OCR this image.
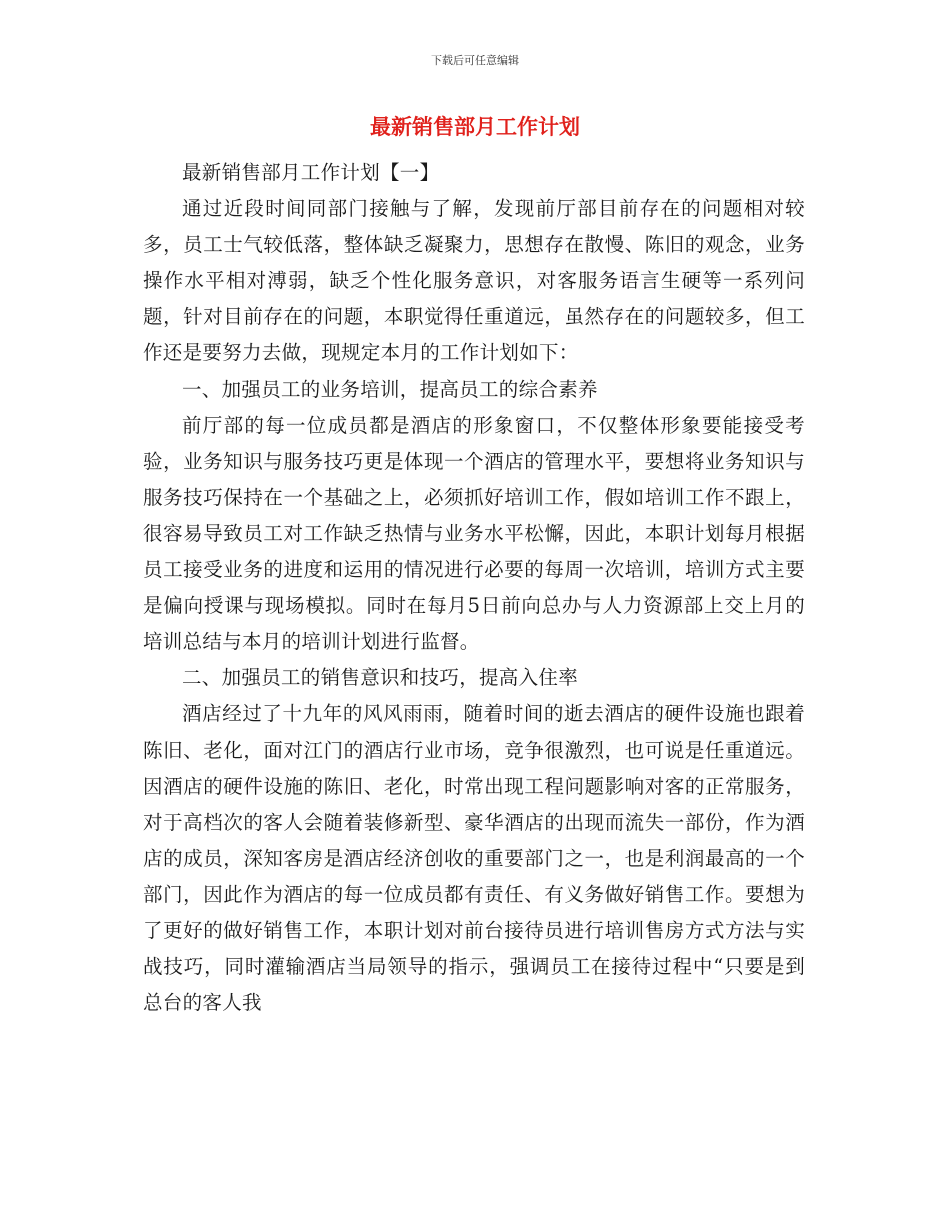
下载后可任意编辑
最新销售部月工作计划

最新销售部月工作计划【一】

通过近段时间同部门接触与了解，发现前厅部目前存在的问题相对较多，员工士气较低落，整体缺乏凝聚力，思想存在散慢、陈旧的观念，业务操作水平相对溥弱，缺乏个性化服务意识，对客服务语言生硬等一系列问题，针对目前存在的问题，本职觉得任重道远，虽然存在的问题较多，但工作还是要努力去做，现规定本月的工作计划如下：

一、加强员工的业务培训，提高员工的综合素养

前厅部的每一位成员都是酒店的形象窗口，不仅整体形象要能接受考验，业务知识与服务技巧更是体现一个酒店的管理水平，要想将业务知识与服务技巧保持在一个基础之上，必须抓好培训工作，假如培训工作不跟上，很容易导致员工对工作缺乏热情与业务水平松懈，因此，本职计划每月根据员工接受业务的进度和运用的情况进行必要的每周一次培训，培训方式主要是偏向授课与现场模拟。同时在每月5日前向总办与人力资源部上交上月的培训总结与本月的培训计划进行监督。

二、加强员工的销售意识和技巧，提高入住率

酒店经过了十九年的风风雨雨，随着时间的逝去酒店的硬件设施也跟着陈旧、老化，面对江门的酒店行业市场，竞争很激烈，也可说是任重道远。因酒店的硬件设施的陈旧、老化，时常出现工程问题影响对客的正常服务，对于高档次的客人会随着装修新型、豪华酒店的出现而流失一部份，作为酒店的成员，深知客房是酒店经济创收的重要部门之一，也是利润最高的一个部门，因此作为酒店的每一位成员都有责任、有义务做好销售工作。要想为了更好的做好销售工作，本职计划对前台接待员进行培训售房方式方法与实战技巧，同时灌输酒店当局领导的指示，强调员工在接待过程中“只要是到总台的客人我
